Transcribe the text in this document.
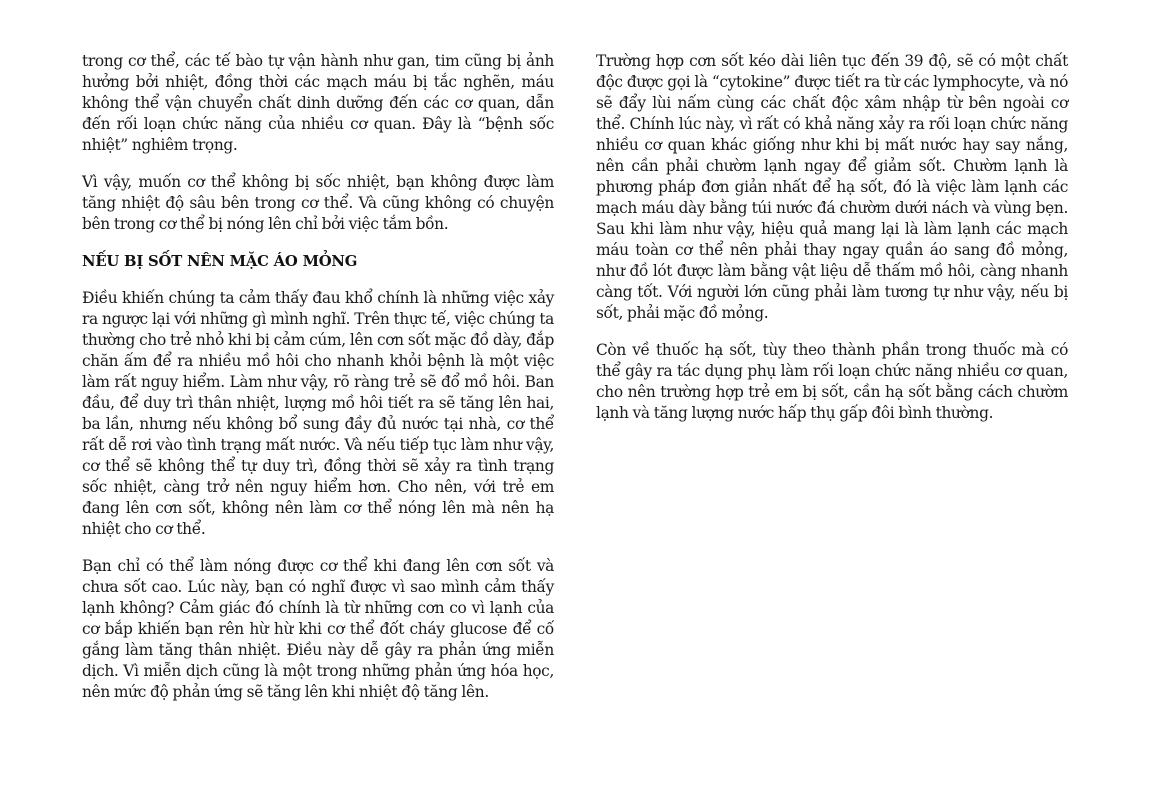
trong cơ thể, các tế bào tự vận hành như gan, tim cũng bị ảnh hưởng bởi nhiệt, đồng thời các mạch máu bị tắc nghẽn, máu không thể vận chuyển chất dinh dưỡng đến các cơ quan, dẫn đến rối loạn chức năng của nhiều cơ quan. Đây là “bệnh sốc nhiệt” nghiêm trọng.

Vì vậy, muốn cơ thể không bị sốc nhiệt, bạn không được làm tăng nhiệt độ sâu bên trong cơ thể. Và cũng không có chuyện bên trong cơ thể bị nóng lên chỉ bởi việc tắm bồn.

NẾU BỊ SỐT NÊN MẶC ÁO MỎNG

Điều khiến chúng ta cảm thấy đau khổ chính là những việc xảy ra ngược lại với những gì mình nghĩ. Trên thực tế, việc chúng ta thường cho trẻ nhỏ khi bị cảm cúm, lên cơn sốt mặc đồ dày, đắp chăn ấm để ra nhiều mồ hôi cho nhanh khỏi bệnh là một việc làm rất nguy hiểm. Làm như vậy, rõ ràng trẻ sẽ đổ mồ hôi. Ban đầu, để duy trì thân nhiệt, lượng mồ hôi tiết ra sẽ tăng lên hai, ba lần, nhưng nếu không bổ sung đầy đủ nước tại nhà, cơ thể rất dễ rơi vào tình trạng mất nước. Và nếu tiếp tục làm như vậy, cơ thể sẽ không thể tự duy trì, đồng thời sẽ xảy ra tình trạng sốc nhiệt, càng trở nên nguy hiểm hơn. Cho nên, với trẻ em đang lên cơn sốt, không nên làm cơ thể nóng lên mà nên hạ nhiệt cho cơ thể.

Bạn chỉ có thể làm nóng được cơ thể khi đang lên cơn sốt và chưa sốt cao. Lúc này, bạn có nghĩ được vì sao mình cảm thấy lạnh không? Cảm giác đó chính là từ những cơn co vì lạnh của cơ bắp khiến bạn rên hừ hừ khi cơ thể đốt cháy glucose để cố gắng làm tăng thân nhiệt. Điều này dễ gây ra phản ứng miễn dịch. Vì miễn dịch cũng là một trong những phản ứng hóa học, nên mức độ phản ứng sẽ tăng lên khi nhiệt độ tăng lên.

Trường hợp cơn sốt kéo dài liên tục đến 39 độ, sẽ có một chất độc được gọi là “cytokine” được tiết ra từ các lymphocyte, và nó sẽ đẩy lùi nấm cùng các chất độc xâm nhập từ bên ngoài cơ thể. Chính lúc này, vì rất có khả năng xảy ra rối loạn chức năng nhiều cơ quan khác giống như khi bị mất nước hay say nắng, nên cần phải chườm lạnh ngay để giảm sốt. Chườm lạnh là phương pháp đơn giản nhất để hạ sốt, đó là việc làm lạnh các mạch máu dày bằng túi nước đá chườm dưới nách và vùng bẹn. Sau khi làm như vậy, hiệu quả mang lại là làm lạnh các mạch máu toàn cơ thể nên phải thay ngay quần áo sang đồ mỏng, như đồ lót được làm bằng vật liệu dễ thấm mồ hôi, càng nhanh càng tốt. Với người lớn cũng phải làm tương tự như vậy, nếu bị sốt, phải mặc đồ mỏng.

Còn về thuốc hạ sốt, tùy theo thành phần trong thuốc mà có thể gây ra tác dụng phụ làm rối loạn chức năng nhiều cơ quan, cho nên trường hợp trẻ em bị sốt, cần hạ sốt bằng cách chườm lạnh và tăng lượng nước hấp thụ gấp đôi bình thường.
